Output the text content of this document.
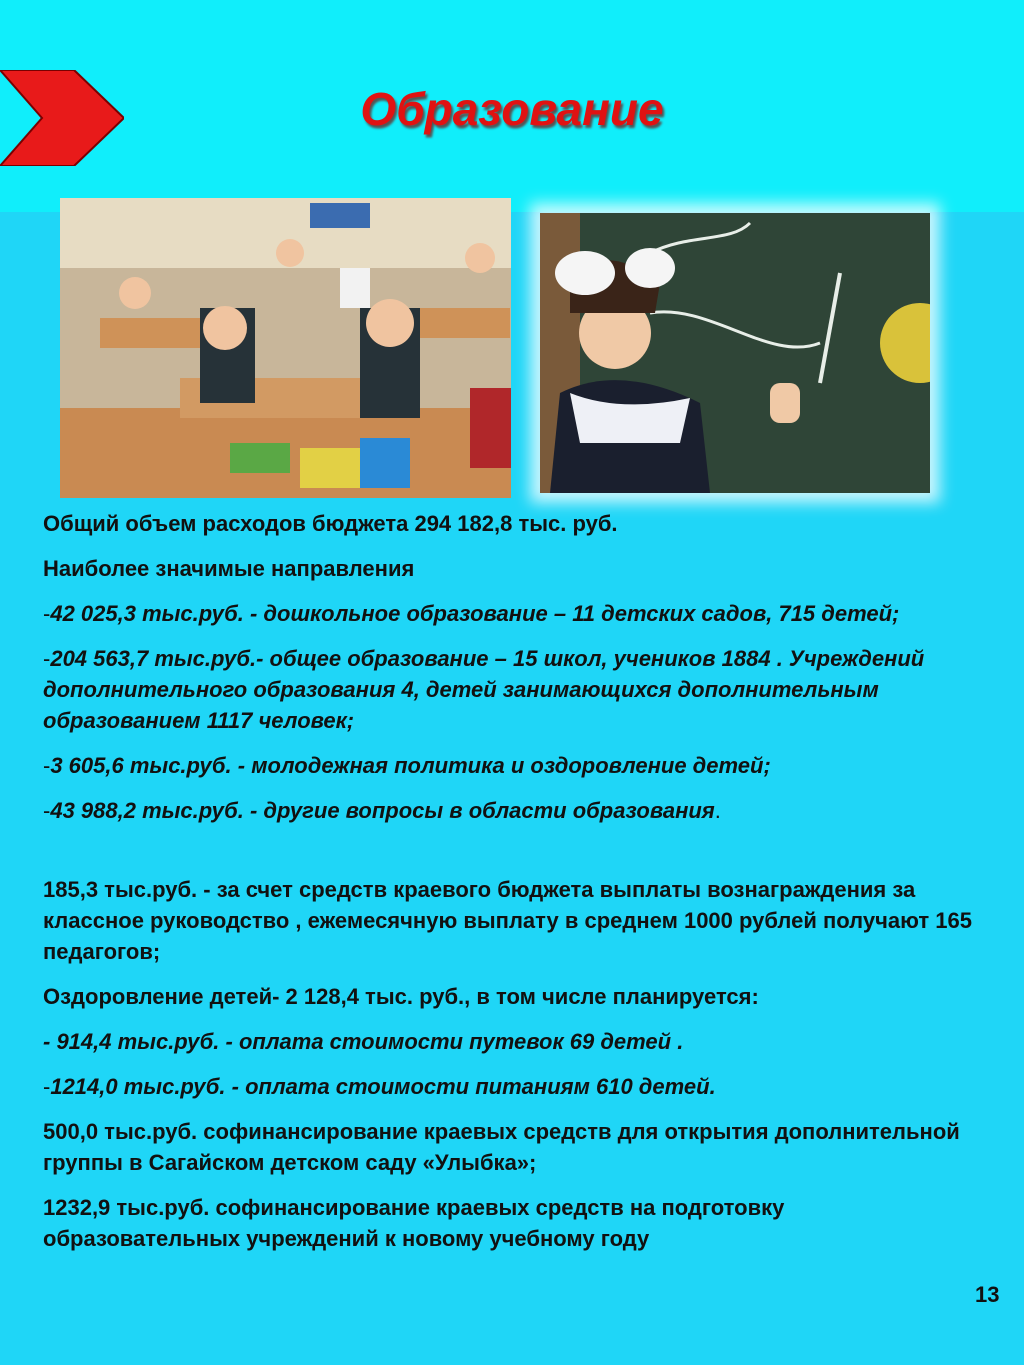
Образование

Общий объем расходов бюджета 294 182,8 тыс. руб.

Наиболее значимые направления

-42 025,3 тыс.руб. - дошкольное образование – 11 детских садов, 715 детей;

-204 563,7 тыс.руб.- общее образование – 15 школ, учеников 1884 . Учреждений дополнительного образования 4, детей занимающихся дополнительным образованием 1117 человек;

-3 605,6 тыс.руб. - молодежная политика и оздоровление детей;

-43 988,2 тыс.руб. - другие вопросы в области образования.

185,3 тыс.руб. - за счет средств краевого бюджета выплаты вознаграждения за классное руководство , ежемесячную выплату в среднем 1000 рублей получают 165 педагогов;

Оздоровление детей- 2 128,4 тыс. руб., в том числе планируется:

- 914,4 тыс.руб. - оплата стоимости путевок 69 детей .

-1214,0 тыс.руб. - оплата стоимости питаниям 610 детей.

500,0 тыс.руб. софинансирование краевых средств для открытия дополнительной группы в Сагайском детском саду «Улыбка»;

1232,9 тыс.руб. софинансирование краевых средств на подготовку образовательных учреждений к новому учебному году

13
